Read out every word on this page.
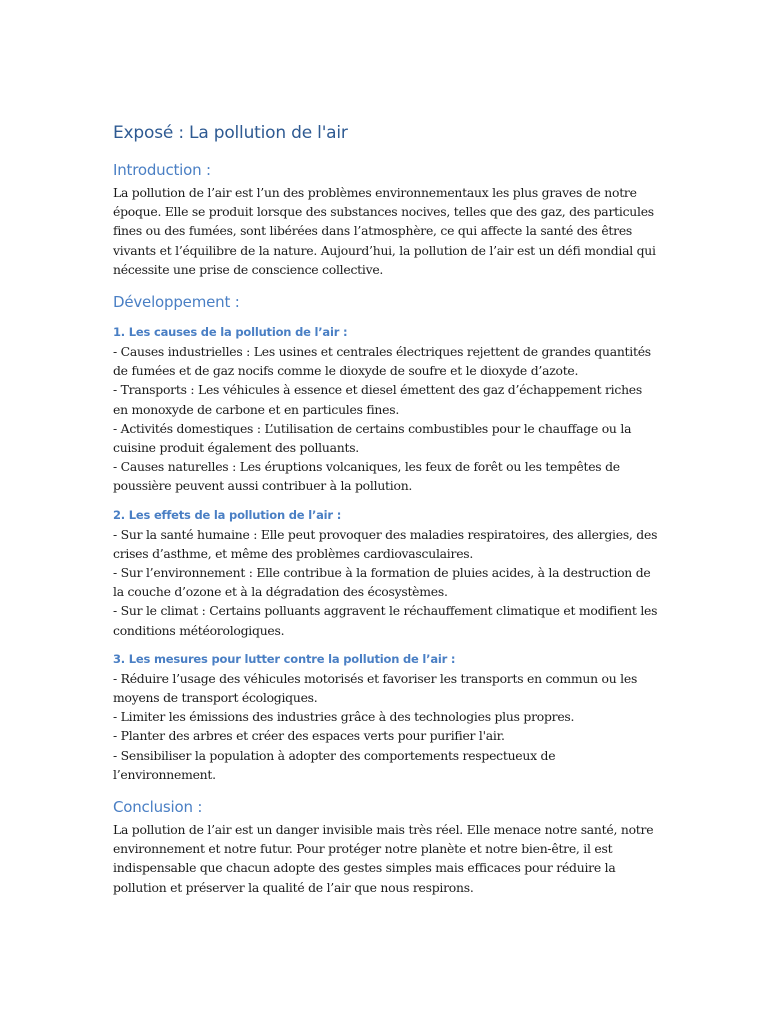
Exposé : La pollution de l'air
Introduction :

La pollution de l’air est l’un des problèmes environnementaux les plus graves de notre époque. Elle se produit lorsque des substances nocives, telles que des gaz, des particules fines ou des fumées, sont libérées dans l’atmosphère, ce qui affecte la santé des êtres vivants et l’équilibre de la nature. Aujourd’hui, la pollution de l’air est un défi mondial qui nécessite une prise de conscience collective.

Développement :
1. Les causes de la pollution de l’air :
- Causes industrielles : Les usines et centrales électriques rejettent de grandes quantités de fumées et de gaz nocifs comme le dioxyde de soufre et le dioxyde d’azote.
- Transports : Les véhicules à essence et diesel émettent des gaz d’échappement riches en monoxyde de carbone et en particules fines.
- Activités domestiques : L’utilisation de certains combustibles pour le chauffage ou la cuisine produit également des polluants.
- Causes naturelles : Les éruptions volcaniques, les feux de forêt ou les tempêtes de poussière peuvent aussi contribuer à la pollution.
2. Les effets de la pollution de l’air :
- Sur la santé humaine : Elle peut provoquer des maladies respiratoires, des allergies, des crises d’asthme, et même des problèmes cardiovasculaires.
- Sur l’environnement : Elle contribue à la formation de pluies acides, à la destruction de la couche d’ozone et à la dégradation des écosystèmes.
- Sur le climat : Certains polluants aggravent le réchauffement climatique et modifient les conditions météorologiques.
3. Les mesures pour lutter contre la pollution de l’air :
- Réduire l’usage des véhicules motorisés et favoriser les transports en commun ou les moyens de transport écologiques.
- Limiter les émissions des industries grâce à des technologies plus propres.
- Planter des arbres et créer des espaces verts pour purifier l'air.
- Sensibiliser la population à adopter des comportements respectueux de l’environnement.
Conclusion :

La pollution de l’air est un danger invisible mais très réel. Elle menace notre santé, notre environnement et notre futur. Pour protéger notre planète et notre bien-être, il est indispensable que chacun adopte des gestes simples mais efficaces pour réduire la pollution et préserver la qualité de l’air que nous respirons.
